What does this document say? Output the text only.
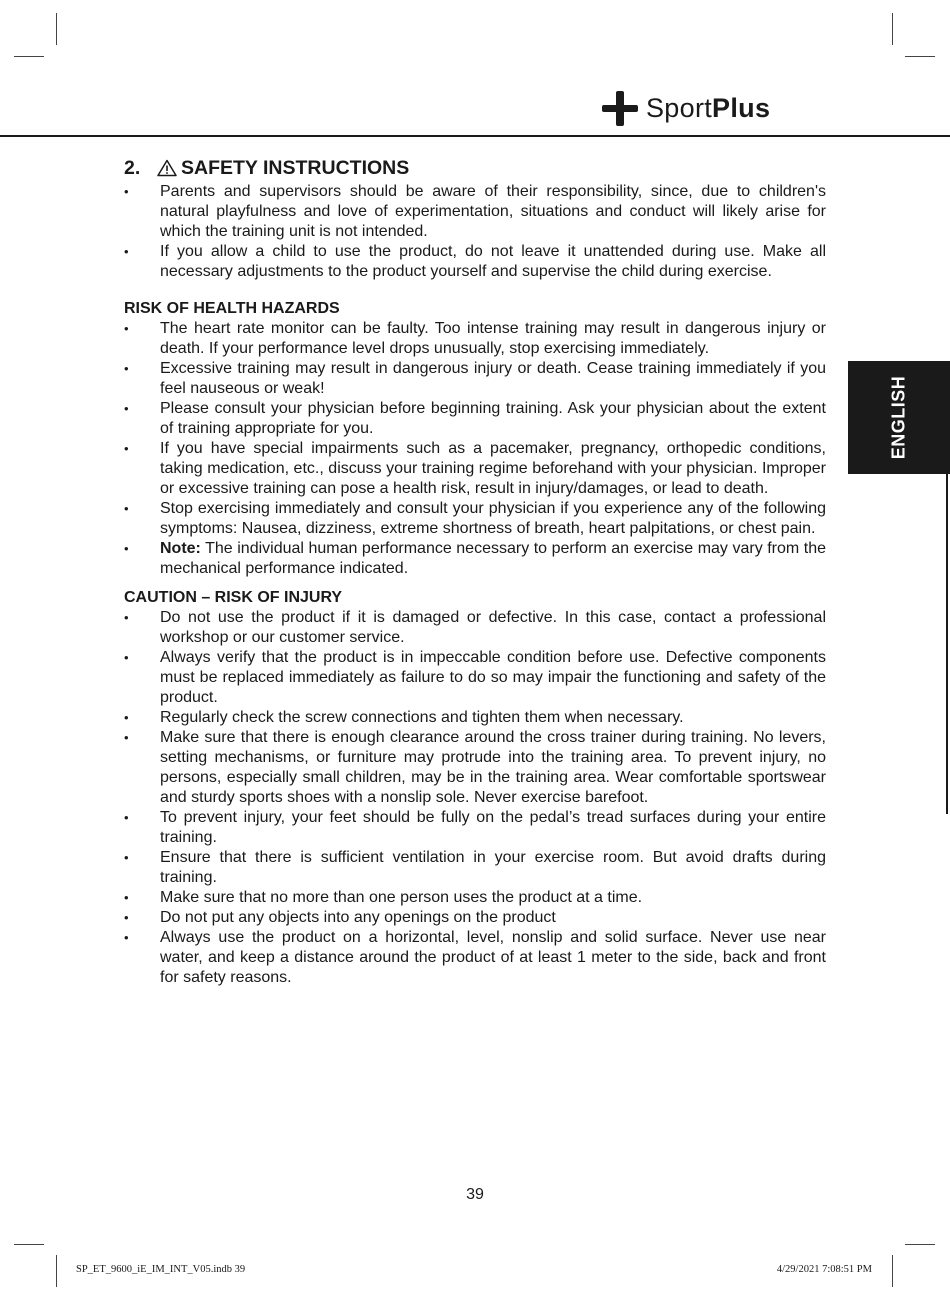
SportPlus
ENGLISH
2.	SAFETY INSTRUCTIONS
• Parents and supervisors should be aware of their responsibility, since, due to children's natural playfulness and love of experimentation, situations and conduct will likely arise for which the training unit is not intended.
• If you allow a child to use the product, do not leave it unattended during use. Make all necessary adjustments to the product yourself and supervise the child during exercise.

RISK OF HEALTH HAZARDS

• The heart rate monitor can be faulty. Too intense training may result in dangerous injury or death. If your performance level drops unusually, stop exercising immediately.
• Excessive training may result in dangerous injury or death. Cease training immediately if you feel nauseous or weak!
• Please consult your physician before beginning training. Ask your physician about the extent of training appropriate for you.
• If you have special impairments such as a pacemaker, pregnancy, orthopedic conditions, taking medication, etc., discuss your training regime beforehand with your physician. Improper or excessive training can pose a health risk, result in injury/damages, or lead to death.
• Stop exercising immediately and consult your physician if you experience any of the following symptoms: Nausea, dizziness, extreme shortness of breath, heart palpitations, or chest pain.
• Note: The individual human performance necessary to perform an exercise may vary from the mechanical performance indicated.

CAUTION – RISK OF INJURY

• Do not use the product if it is damaged or defective. In this case, contact a professional workshop or our customer service.
• Always verify that the product is in impeccable condition before use. Defective components must be replaced immediately as failure to do so may impair the functioning and safety of the product.
• Regularly check the screw connections and tighten them when necessary.
• Make sure that there is enough clearance around the cross trainer during training. No levers, setting mechanisms, or furniture may protrude into the training area. To prevent injury, no persons, especially small children, may be in the training area. Wear comfortable sportswear and sturdy sports shoes with a nonslip sole. Never exercise barefoot.
• To prevent injury, your feet should be fully on the pedal’s tread surfaces during your entire training.
• Ensure that there is sufficient ventilation in your exercise room. But avoid drafts during training.
• Make sure that no more than one person uses the product at a time.
• Do not put any objects into any openings on the product
• Always use the product on a horizontal, level, nonslip and solid surface. Never use near water, and keep a distance around the product of at least 1 meter to the side, back and front for safety reasons.
39
SP_ET_9600_iE_IM_INT_V05.indb 39	4/29/2021 7:08:51 PM
